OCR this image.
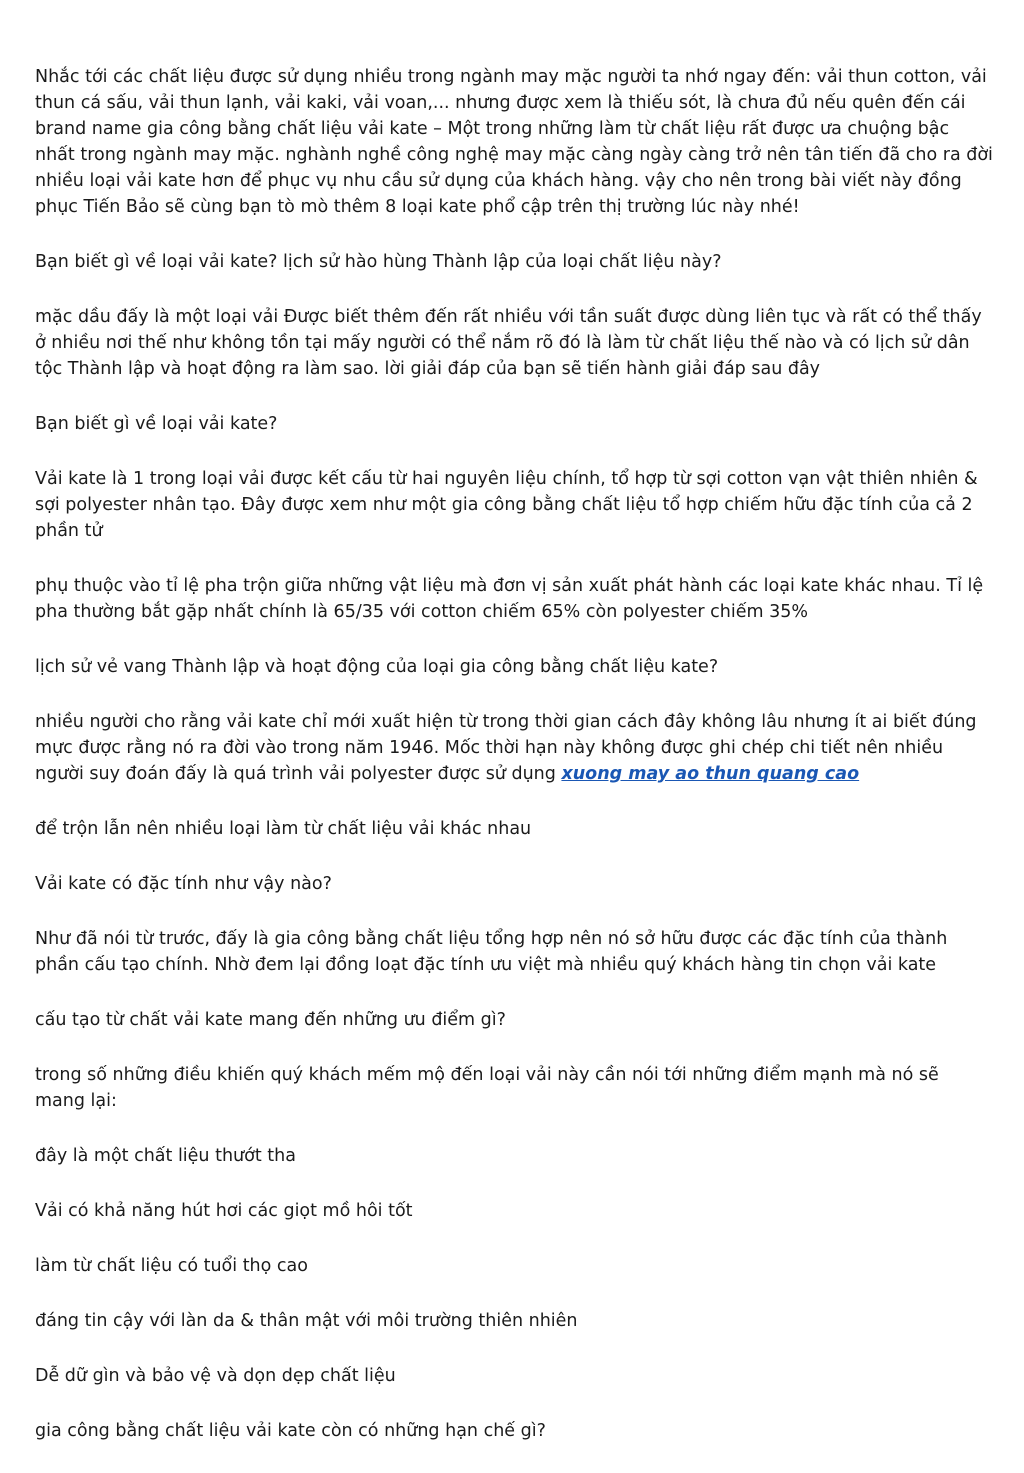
Nhắc tới các chất liệu được sử dụng nhiều trong ngành may mặc người ta nhớ ngay đến: vải thun cotton, vải thun cá sấu, vải thun lạnh, vải kaki, vải voan,... nhưng được xem là thiếu sót, là chưa đủ nếu quên đến cái brand name gia công bằng chất liệu vải kate – Một trong những làm từ chất liệu rất được ưa chuộng bậc nhất trong ngành may mặc. nghành nghề công nghệ may mặc càng ngày càng trở nên tân tiến đã cho ra đời nhiều loại vải kate hơn để phục vụ nhu cầu sử dụng của khách hàng. vậy cho nên trong bài viết này đồng phục Tiến Bảo sẽ cùng bạn tò mò thêm 8 loại kate phổ cập trên thị trường lúc này nhé!

Bạn biết gì về loại vải kate? lịch sử hào hùng Thành lập của loại chất liệu này?

mặc dầu đấy là một loại vải Được biết thêm đến rất nhiều với tần suất được dùng liên tục và rất có thể thấy ở nhiều nơi thế như không tồn tại mấy người có thể nắm rõ đó là làm từ chất liệu thế nào và có lịch sử dân tộc Thành lập và hoạt động ra làm sao. lời giải đáp của bạn sẽ tiến hành giải đáp sau đây

Bạn biết gì về loại vải kate?

Vải kate là 1 trong loại vải được kết cấu từ hai nguyên liệu chính, tổ hợp từ sợi cotton vạn vật thiên nhiên & sợi polyester nhân tạo. Đây được xem như một gia công bằng chất liệu tổ hợp chiếm hữu đặc tính của cả 2 phần tử

phụ thuộc vào tỉ lệ pha trộn giữa những vật liệu mà đơn vị sản xuất phát hành các loại kate khác nhau. Tỉ lệ pha thường bắt gặp nhất chính là 65/35 với cotton chiếm 65% còn polyester chiếm 35%

lịch sử vẻ vang Thành lập và hoạt động của loại gia công bằng chất liệu kate?

nhiều người cho rằng vải kate chỉ mới xuất hiện từ trong thời gian cách đây không lâu nhưng ít ai biết đúng mực được rằng nó ra đời vào trong năm 1946. Mốc thời hạn này không được ghi chép chi tiết nên nhiều người suy đoán đấy là quá trình vải polyester được sử dụng xuong may ao thun quang cao

để trộn lẫn nên nhiều loại làm từ chất liệu vải khác nhau

Vải kate có đặc tính như vậy nào?

Như đã nói từ trước, đấy là gia công bằng chất liệu tổng hợp nên nó sở hữu được các đặc tính của thành phần cấu tạo chính. Nhờ đem lại đồng loạt đặc tính ưu việt mà nhiều quý khách hàng tin chọn vải kate

cấu tạo từ chất vải kate mang đến những ưu điểm gì?

trong số những điều khiến quý khách mếm mộ đến loại vải này cần nói tới những điểm mạnh mà nó sẽ mang lại:

đây là một chất liệu thướt tha

Vải có khả năng hút hơi các giọt mồ hôi tốt

làm từ chất liệu có tuổi thọ cao

đáng tin cậy với làn da & thân mật với môi trường thiên nhiên

Dễ dữ gìn và bảo vệ và dọn dẹp chất liệu

gia công bằng chất liệu vải kate còn có những hạn chế gì?
